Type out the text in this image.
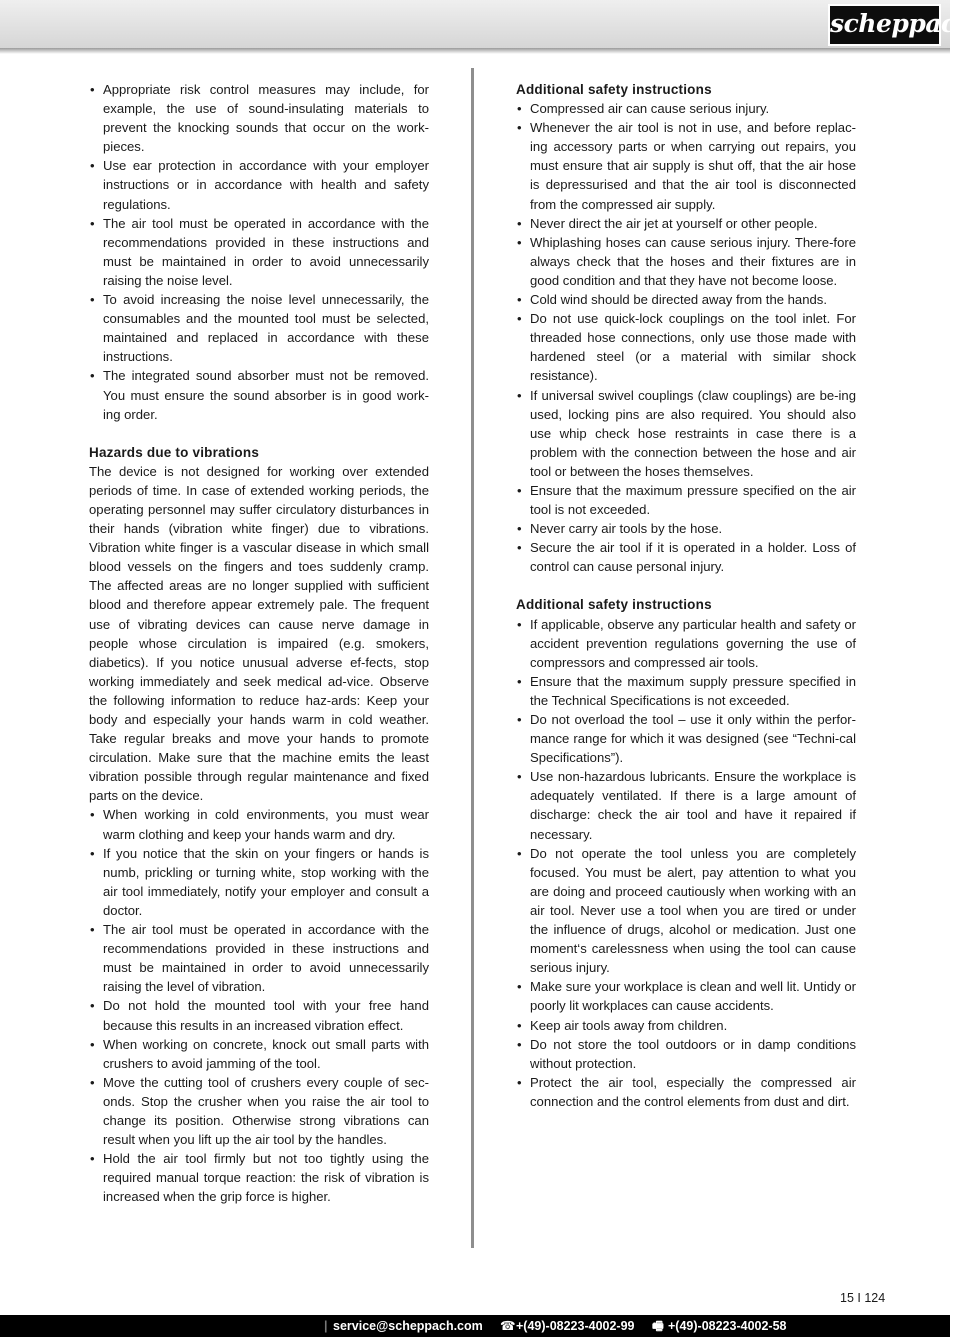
scheppach
• Appropriate risk control measures may include, for example, the use of sound-insulating materials to prevent the knocking sounds that occur on the work-pieces.
• Use ear protection in accordance with your employer instructions or in accordance with health and safety regulations.
• The air tool must be operated in accordance with the recommendations provided in these instructions and must be maintained in order to avoid unnecessarily raising the noise level.
• To avoid increasing the noise level unnecessarily, the consumables and the mounted tool must be selected, maintained and replaced in accordance with these instructions.
• The integrated sound absorber must not be removed. You must ensure the sound absorber is in good work-ing order.
Hazards due to vibrations

The device is not designed for working over extended periods of time. In case of extended working periods, the operating personnel may suffer circulatory disturbances in their hands (vibration white finger) due to vibrations. Vibration white finger is a vascular disease in which small blood vessels on the fingers and toes suddenly cramp. The affected areas are no longer supplied with sufficient blood and therefore appear extremely pale. The frequent use of vibrating devices can cause nerve damage in people whose circulation is impaired (e.g. smokers, diabetics). If you notice unusual adverse ef-fects, stop working immediately and seek medical ad-vice. Observe the following information to reduce haz-ards: Keep your body and especially your hands warm in cold weather. Take regular breaks and move your hands to promote circulation. Make sure that the machine emits the least vibration possible through regular maintenance and fixed parts on the device.

• When working in cold environments, you must wear warm clothing and keep your hands warm and dry.
• If you notice that the skin on your fingers or hands is numb, prickling or turning white, stop working with the air tool immediately, notify your employer and consult a doctor.
• The air tool must be operated in accordance with the recommendations provided in these instructions and must be maintained in order to avoid unnecessarily raising the level of vibration.
• Do not hold the mounted tool with your free hand because this results in an increased vibration effect.
• When working on concrete, knock out small parts with crushers to avoid jamming of the tool.
• Move the cutting tool of crushers every couple of sec-onds. Stop the crusher when you raise the air tool to change its position. Otherwise strong vibrations can result when you lift up the air tool by the handles.
• Hold the air tool firmly but not too tightly using the required manual torque reaction: the risk of vibration is increased when the grip force is higher.
Additional safety instructions
• Compressed air can cause serious injury.
• Whenever the air tool is not in use, and before replac-ing accessory parts or when carrying out repairs, you must ensure that air supply is shut off, that the air hose is depressurised and that the air tool is disconnected from the compressed air supply.
• Never direct the air jet at yourself or other people.
• Whiplashing hoses can cause serious injury. There-fore always check that the hoses and their fixtures are in good condition and that they have not become loose.
• Cold wind should be directed away from the hands.
• Do not use quick-lock couplings on the tool inlet. For threaded hose connections, only use those made with hardened steel (or a material with similar shock resistance).
• If universal swivel couplings (claw couplings) are be-ing used, locking pins are also required. You should also use whip check hose restraints in case there is a problem with the connection between the hose and air tool or between the hoses themselves.
• Ensure that the maximum pressure specified on the air tool is not exceeded.
• Never carry air tools by the hose.
• Secure the air tool if it is operated in a holder. Loss of control can cause personal injury.
Additional safety instructions
• If applicable, observe any particular health and safety or accident prevention regulations governing the use of compressors and compressed air tools.
• Ensure that the maximum supply pressure specified in the Technical Specifications is not exceeded.
• Do not overload the tool – use it only within the perfor-mance range for which it was designed (see “Techni-cal Specifications”).
• Use non-hazardous lubricants. Ensure the workplace is adequately ventilated. If there is a large amount of discharge: check the air tool and have it repaired if necessary.
• Do not operate the tool unless you are completely focused. You must be alert, pay attention to what you are doing and proceed cautiously when working with an air tool. Never use a tool when you are tired or under the influence of drugs, alcohol or medication. Just one moment‘s carelessness when using the tool can cause serious injury.
• Make sure your workplace is clean and well lit. Untidy or poorly lit workplaces can cause accidents.
• Keep air tools away from children.
• Do not store the tool outdoors or in damp conditions without protection.
• Protect the air tool, especially the compressed air connection and the control elements from dust and dirt.
15 I 124
| service@scheppach.com ☎ +(49)-08223-4002-99 🖷 +(49)-08223-4002-58
